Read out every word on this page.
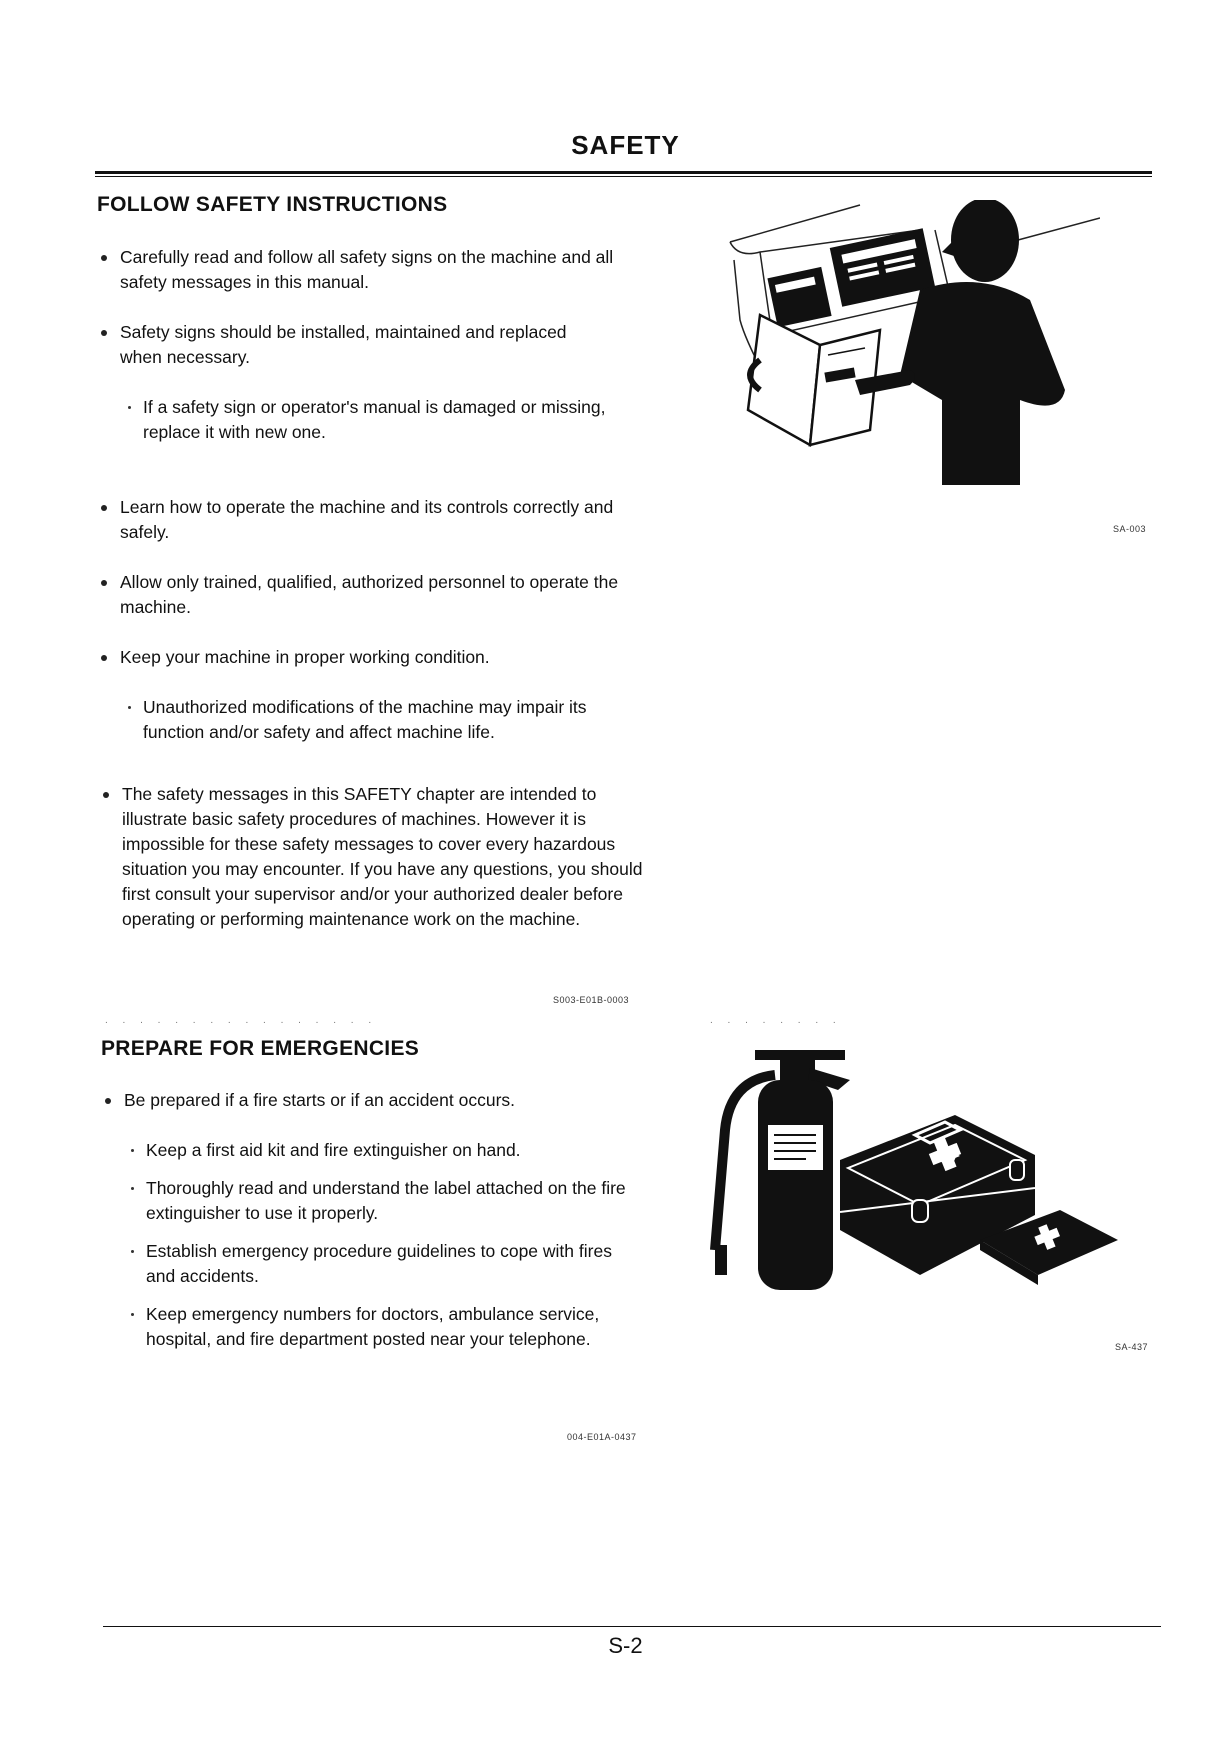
SAFETY
FOLLOW SAFETY INSTRUCTIONS
Carefully read and follow all safety signs on the machine and all safety messages in this manual.
Safety signs should be installed, maintained and replaced when necessary.
If a safety sign or operator's manual is damaged or missing, replace it with new one.
Learn how to operate the machine and its controls correctly and safely.
Allow only trained, qualified, authorized personnel to operate the machine.
Keep your machine in proper working condition.
Unauthorized modifications of the machine may impair its function and/or safety and affect machine life.
The safety messages in this SAFETY chapter are intended to illustrate basic safety procedures of machines. However it is impossible for these safety messages to cover every hazardous situation you may encounter. If you have any questions, you should first consult your supervisor and/or your authorized dealer before operating or performing maintenance work on the machine.
S003-E01B-0003
SA-003
. . . . . . . . . . . . . . . .	. . . . . . . .
PREPARE FOR EMERGENCIES
Be prepared if a fire starts or if an accident occurs.
Keep a first aid kit and fire extinguisher on hand.
Thoroughly read and understand the label attached on the fire extinguisher to use it properly.
Establish emergency procedure guidelines to cope with fires and accidents.
Keep emergency numbers for doctors, ambulance service, hospital, and fire department posted near your telephone.
004-E01A-0437
SA-437
S-2
